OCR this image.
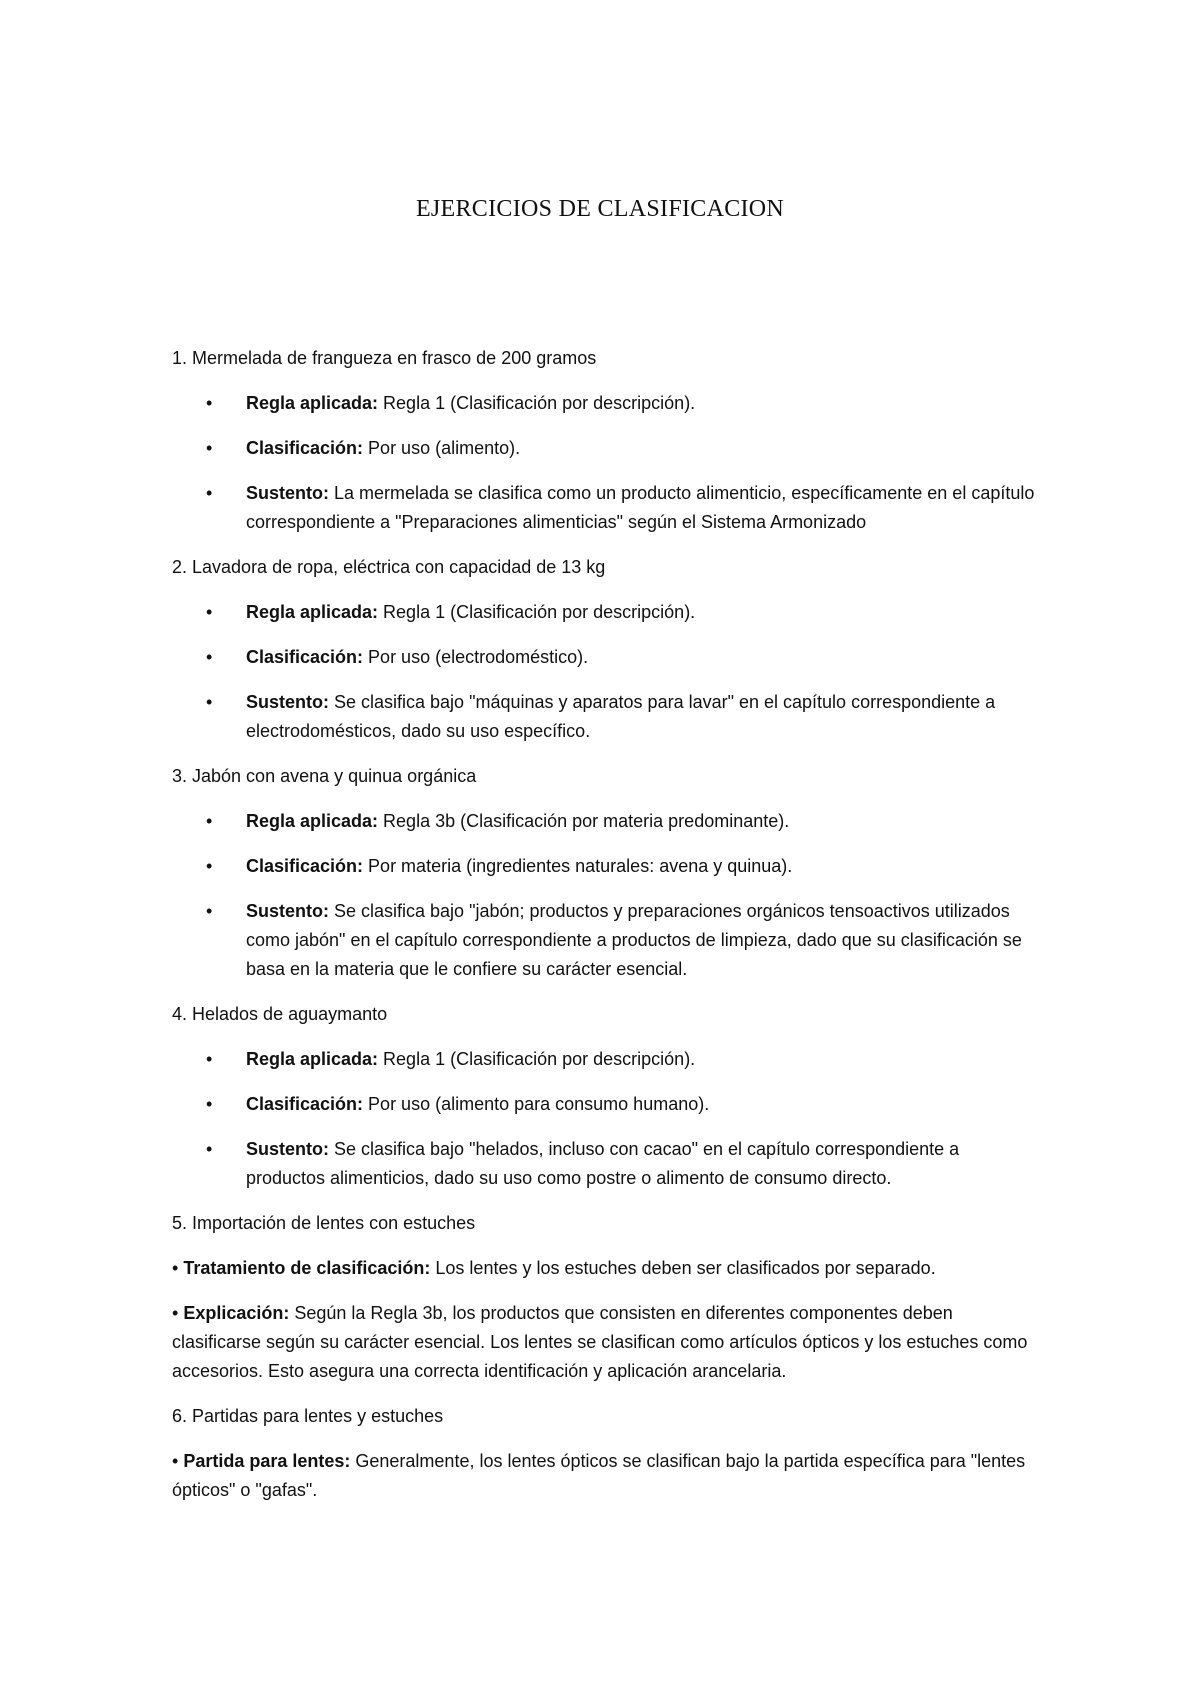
EJERCICIOS DE CLASIFICACION
1. Mermelada de frangueza en frasco de 200 gramos
• Regla aplicada: Regla 1 (Clasificación por descripción).
• Clasificación: Por uso (alimento).
• Sustento: La mermelada se clasifica como un producto alimenticio, específicamente en el capítulo correspondiente a "Preparaciones alimenticias" según el Sistema Armonizado
2. Lavadora de ropa, eléctrica con capacidad de 13 kg
• Regla aplicada: Regla 1 (Clasificación por descripción).
• Clasificación: Por uso (electrodoméstico).
• Sustento: Se clasifica bajo "máquinas y aparatos para lavar" en el capítulo correspondiente a electrodomésticos, dado su uso específico.
3. Jabón con avena y quinua orgánica
• Regla aplicada: Regla 3b (Clasificación por materia predominante).
• Clasificación: Por materia (ingredientes naturales: avena y quinua).
• Sustento: Se clasifica bajo "jabón; productos y preparaciones orgánicos tensoactivos utilizados como jabón" en el capítulo correspondiente a productos de limpieza, dado que su clasificación se basa en la materia que le confiere su carácter esencial.
4. Helados de aguaymanto
• Regla aplicada: Regla 1 (Clasificación por descripción).
• Clasificación: Por uso (alimento para consumo humano).
• Sustento: Se clasifica bajo "helados, incluso con cacao" en el capítulo correspondiente a productos alimenticios, dado su uso como postre o alimento de consumo directo.
5. Importación de lentes con estuches

• Tratamiento de clasificación: Los lentes y los estuches deben ser clasificados por separado.

• Explicación: Según la Regla 3b, los productos que consisten en diferentes componentes deben clasificarse según su carácter esencial. Los lentes se clasifican como artículos ópticos y los estuches como accesorios. Esto asegura una correcta identificación y aplicación arancelaria.

6. Partidas para lentes y estuches

• Partida para lentes: Generalmente, los lentes ópticos se clasifican bajo la partida específica para "lentes ópticos" o "gafas".
